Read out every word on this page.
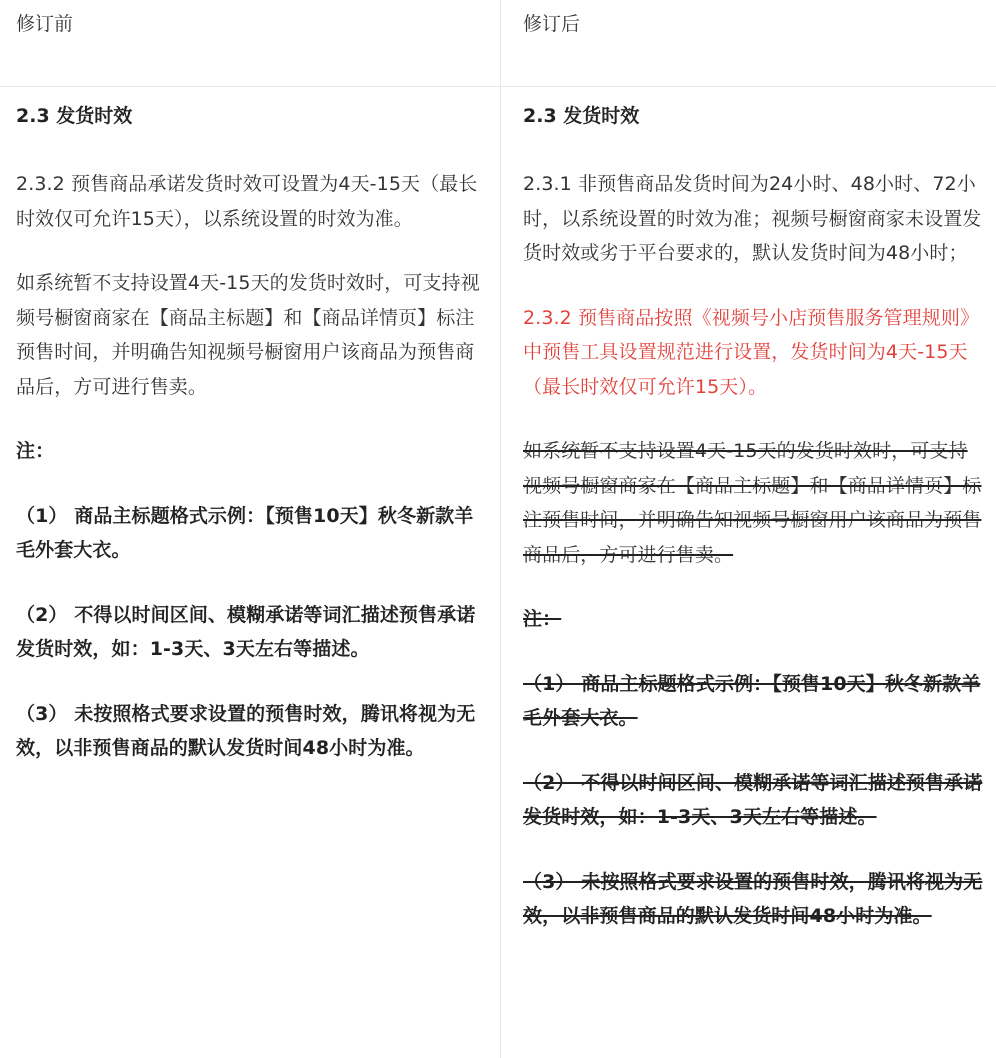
修订前	修订后

2.3 发货时效

2.3.2 预售商品承诺发货时效可设置为4天-15天（最长时效仅可允许15天），以系统设置的时效为准。

如系统暂不支持设置4天-15天的发货时效时，可支持视频号橱窗商家在【商品主标题】和【商品详情页】标注预售时间，并明确告知视频号橱窗用户该商品为预售商品后，方可进行售卖。

注：

（1） 商品主标题格式示例：【预售10天】秋冬新款羊毛外套大衣。

（2） 不得以时间区间、模糊承诺等词汇描述预售承诺发货时效，如：1-3天、3天左右等描述。

（3） 未按照格式要求设置的预售时效，腾讯将视为无效，以非预售商品的默认发货时间48小时为准。

2.3 发货时效

2.3.1 非预售商品发货时间为24小时、48小时、72小时，以系统设置的时效为准；视频号橱窗商家未设置发货时效或劣于平台要求的，默认发货时间为48小时；

2.3.2 预售商品按照《视频号小店预售服务管理规则》中预售工具设置规范进行设置，发货时间为4天-15天（最长时效仅可允许15天）。

如系统暂不支持设置4天-15天的发货时效时，可支持视频号橱窗商家在【商品主标题】和【商品详情页】标注预售时间，并明确告知视频号橱窗用户该商品为预售商品后，方可进行售卖。

注：

（1） 商品主标题格式示例：【预售10天】秋冬新款羊毛外套大衣。

（2） 不得以时间区间、模糊承诺等词汇描述预售承诺发货时效，如：1-3天、3天左右等描述。

（3） 未按照格式要求设置的预售时效，腾讯将视为无效，以非预售商品的默认发货时间48小时为准。
